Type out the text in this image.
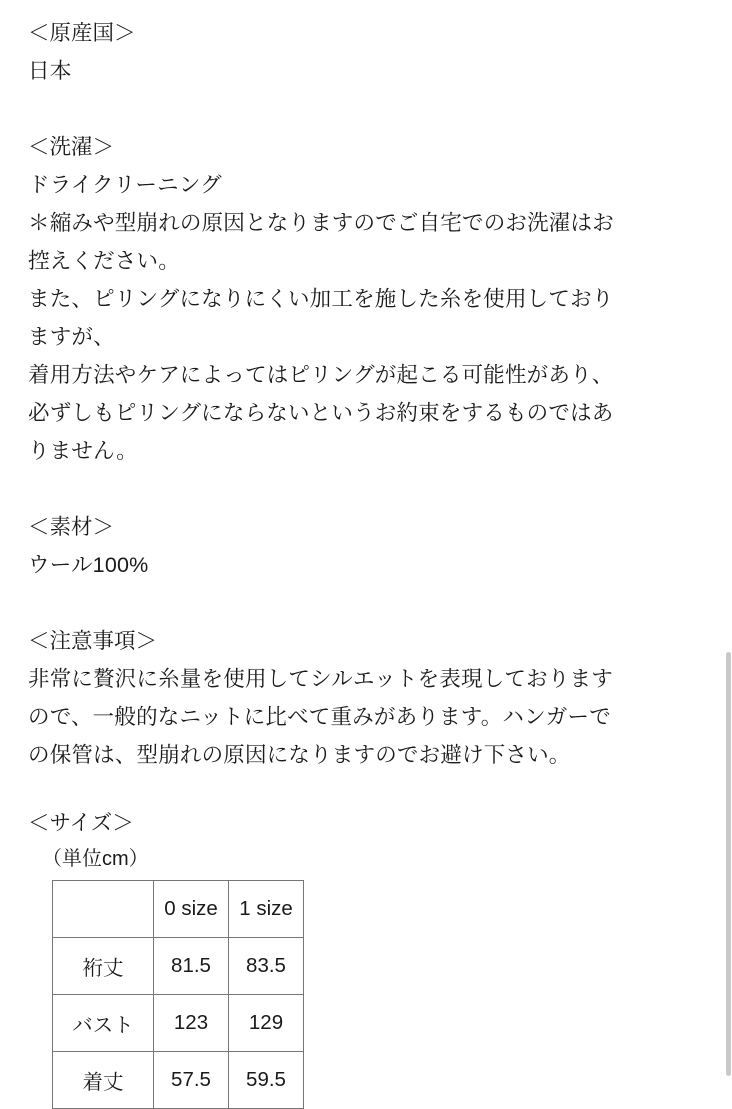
＜原産国＞
日本
＜洗濯＞
ドライクリーニング
＊縮みや型崩れの原因となりますのでご自宅でのお洗濯はお
控えください。
また、ピリングになりにくい加工を施した糸を使用しており
ますが、
着用方法やケアによってはピリングが起こる可能性があり、
必ずしもピリングにならないというお約束をするものではあ
りません。
＜素材＞
ウール100%
＜注意事項＞
非常に贅沢に糸量を使用してシルエットを表現しております
ので、一般的なニットに比べて重みがあります。ハンガーで
の保管は、型崩れの原因になりますのでお避け下さい。
＜サイズ＞
（単位cm）
	0 size	1 size
裄丈	81.5	83.5
バスト	123	129
着丈	57.5	59.5
